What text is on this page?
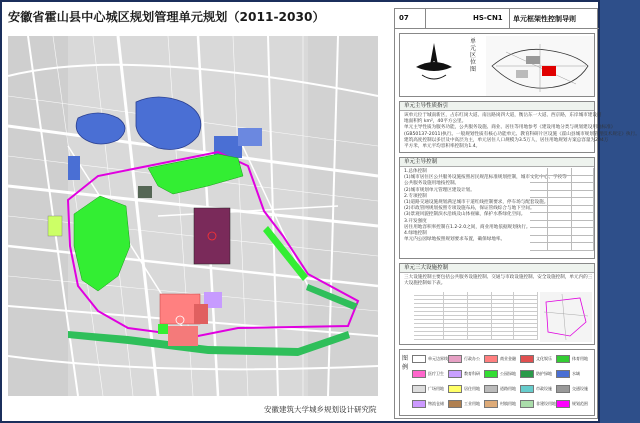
安徽省霍山县中心城区规划管理单元规划（2011-2030）
安徽建筑大学城乡规划设计研究院
07	HS-CN1	单元框架性控制导则
单元区位图
单元主导性质指引
该单元位于城南新区，占东红岗大道、南岳路岗四大道，衡岳东一大道、西京路，东岸城市建设用
地面积约 km²，40平方公里。
单元主导性质为服务功能，公共服务设施、商业、居住等用地参考《建设用地分类与规划建设用地标准》
(GB50137-2011)执行。一般规划性质有核心功能单元、教育科研片区设施《霍山县城市规划管理技术规定》执行。
建筑高度控制以多层及中高层为主，单元居住人口规模为3.5万人，居住用地规划方案总容量为204万
平方米，单元平均容积率控制为1.4。
单元主导控制
1.总体控制
(1)城市居住区公共服务设施按照居民规范标准规划控制，城市文化中心、学校等
公共服务设施用地按控制。
(2)城市规划单元管理区建设计划。
2.专项控制
(1)道路交通设施规划满足城市干道红线控制要求，停车场与配套设施。
(2)市政管网规划按照专项设施布局，保证管线综合与地下空间。
(3)景观风貌控制滨水沿线及山体视廊，保护水系绿化空间。
3.开发强度
居住用地容积率控制在1.2-2.0之间，商业用地依据规划执行。
4.绿地控制
单元内公园绿地按照规划要求布置，确保绿地率。
单元三大设施控制
三大设施控制主要包括公共服务设施控制、交通与市政设施控制、安全设施控制，单元内的三
大设施控制如下表。
图例
单元边界线	行政办公	商业金融	文化娱乐	体育用地
医疗卫生	教育科研	公园绿地	防护绿地	水域
广场用地	居住用地	道路用地	市政设施	交通设施
物流仓储	工业用地	村镇用地	非建设用地	规划范围
